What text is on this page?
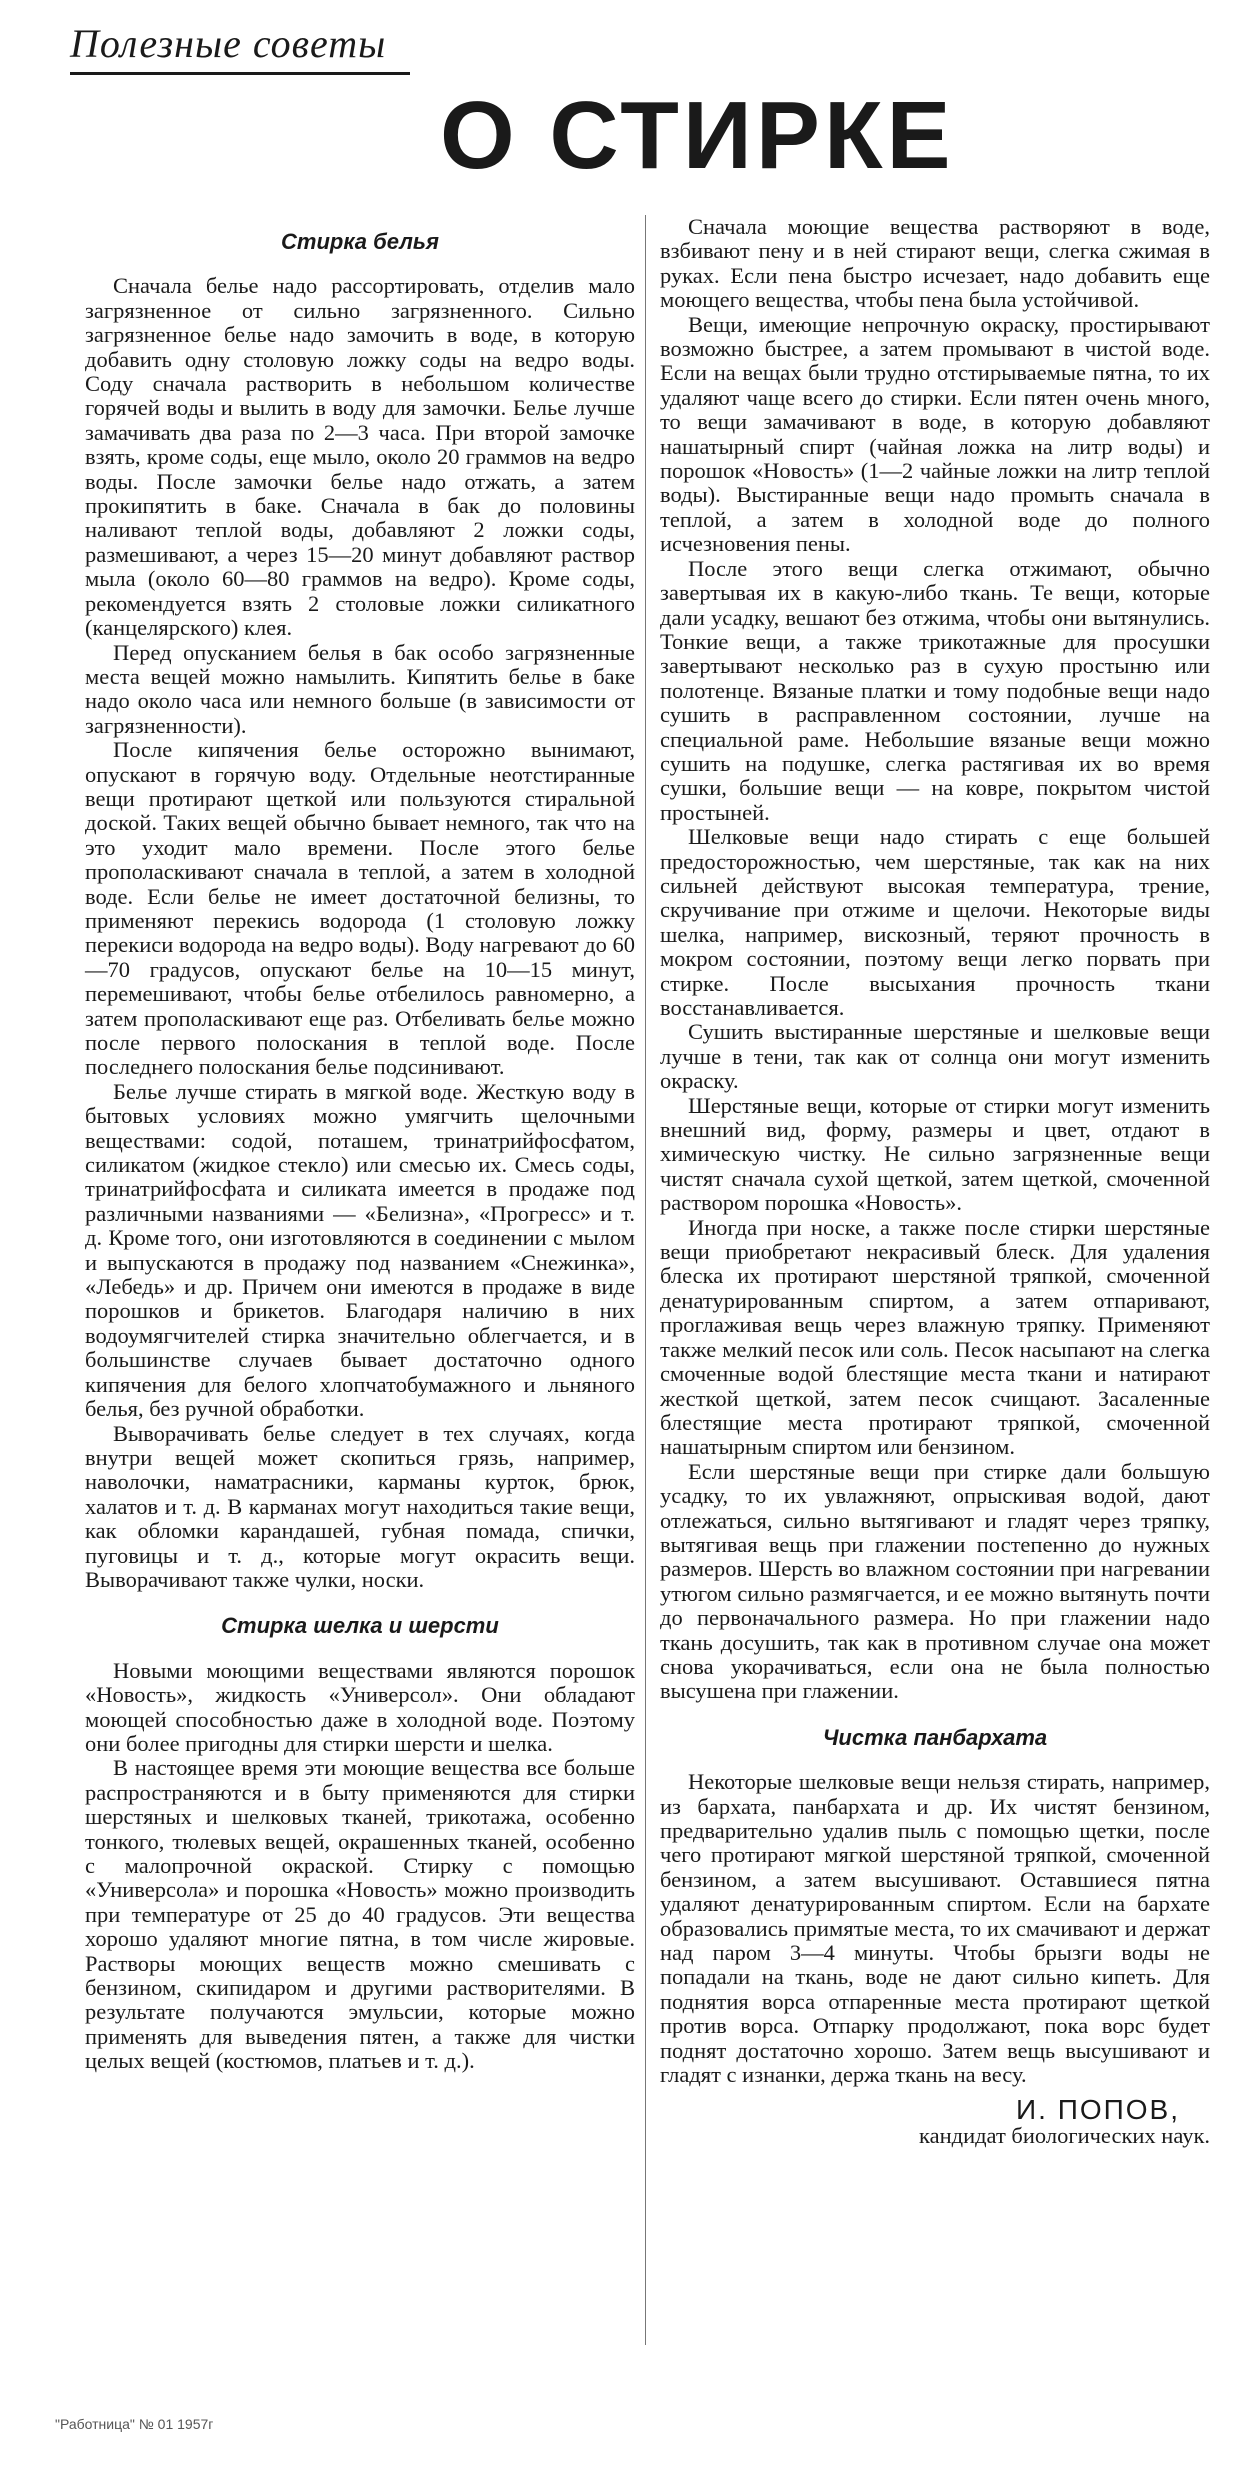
Полезные советы
О СТИРКЕ
Стирка белья

Сначала белье надо рассортировать, отделив мало загрязненное от сильно загрязненного. Сильно загрязненное белье надо замочить в воде, в которую добавить одну столовую ложку соды на ведро воды. Соду сначала растворить в небольшом количестве горячей воды и вылить в воду для замочки. Белье лучше замачивать два раза по 2—3 часа. При второй замочке взять, кроме соды, еще мыло, около 20 граммов на ведро воды. После замочки белье надо отжать, а затем прокипятить в баке. Сначала в бак до половины наливают теплой воды, добавляют 2 ложки соды, размешивают, а через 15—20 минут добавляют раствор мыла (около 60—80 граммов на ведро). Кроме соды, рекомендуется взять 2 столовые ложки силикатного (канцелярского) клея.

Перед опусканием белья в бак особо загрязненные места вещей можно намылить. Кипятить белье в баке надо около часа или немного больше (в зависимости от загрязненности).

После кипячения белье осторожно вынимают, опускают в горячую воду. Отдельные неотстиранные вещи протирают щеткой или пользуются стиральной доской. Таких вещей обычно бывает немного, так что на это уходит мало времени. После этого белье прополаскивают сначала в теплой, а затем в холодной воде. Если белье не имеет достаточной белизны, то применяют перекись водорода (1 столовую ложку перекиси водорода на ведро воды). Воду нагревают до 60—70 градусов, опускают белье на 10—15 минут, перемешивают, чтобы белье отбелилось равномерно, а затем прополаскивают еще раз. Отбеливать белье можно после первого полоскания в теплой воде. После последнего полоскания белье подсинивают.

Белье лучше стирать в мягкой воде. Жесткую воду в бытовых условиях можно умягчить щелочными веществами: содой, поташем, тринатрийфосфатом, силикатом (жидкое стекло) или смесью их. Смесь соды, тринатрийфосфата и силиката имеется в продаже под различными названиями — «Белизна», «Прогресс» и т. д. Кроме того, они изготовляются в соединении с мылом и выпускаются в продажу под названием «Снежинка», «Лебедь» и др. Причем они имеются в продаже в виде порошков и брикетов. Благодаря наличию в них водоумягчителей стирка значительно облегчается, и в большинстве случаев бывает достаточно одного кипячения для белого хлопчатобумажного и льняного белья, без ручной обработки.

Выворачивать белье следует в тех случаях, когда внутри вещей может скопиться грязь, например, наволочки, наматрасники, карманы курток, брюк, халатов и т. д. В карманах могут находиться такие вещи, как обломки карандашей, губная помада, спички, пуговицы и т. д., которые могут окрасить вещи. Выворачивают также чулки, носки.

Стирка шелка и шерсти

Новыми моющими веществами являются порошок «Новость», жидкость «Универсол». Они обладают моющей способностью даже в холодной воде. Поэтому они более пригодны для стирки шерсти и шелка.

В настоящее время эти моющие вещества все больше распространяются и в быту применяются для стирки шерстяных и шелковых тканей, трикотажа, особенно тонкого, тюлевых вещей, окрашенных тканей, особенно с малопрочной окраской. Стирку с помощью «Универсола» и порошка «Новость» можно производить при температуре от 25 до 40 градусов. Эти вещества хорошо удаляют многие пятна, в том числе жировые. Растворы моющих веществ можно смешивать с бензином, скипидаром и другими растворителями. В результате получаются эмульсии, которые можно применять для выведения пятен, а также для чистки целых вещей (костюмов, платьев и т. д.).

Сначала моющие вещества растворяют в воде, взбивают пену и в ней стирают вещи, слегка сжимая в руках. Если пена быстро исчезает, надо добавить еще моющего вещества, чтобы пена была устойчивой.

Вещи, имеющие непрочную окраску, простирывают возможно быстрее, а затем промывают в чистой воде. Если на вещах были трудно отстирываемые пятна, то их удаляют чаще всего до стирки. Если пятен очень много, то вещи замачивают в воде, в которую добавляют нашатырный спирт (чайная ложка на литр воды) и порошок «Новость» (1—2 чайные ложки на литр теплой воды). Выстиранные вещи надо промыть сначала в теплой, а затем в холодной воде до полного исчезновения пены.

После этого вещи слегка отжимают, обычно завертывая их в какую-либо ткань. Те вещи, которые дали усадку, вешают без отжима, чтобы они вытянулись. Тонкие вещи, а также трикотажные для просушки завертывают несколько раз в сухую простыню или полотенце. Вязаные платки и тому подобные вещи надо сушить в расправленном состоянии, лучше на специальной раме. Небольшие вязаные вещи можно сушить на подушке, слегка растягивая их во время сушки, большие вещи — на ковре, покрытом чистой простыней.

Шелковые вещи надо стирать с еще большей предосторожностью, чем шерстяные, так как на них сильней действуют высокая температура, трение, скручивание при отжиме и щелочи. Некоторые виды шелка, например, вискозный, теряют прочность в мокром состоянии, поэтому вещи легко порвать при стирке. После высыхания прочность ткани восстанавливается.

Сушить выстиранные шерстяные и шелковые вещи лучше в тени, так как от солнца они могут изменить окраску.

Шерстяные вещи, которые от стирки могут изменить внешний вид, форму, размеры и цвет, отдают в химическую чистку. Не сильно загрязненные вещи чистят сначала сухой щеткой, затем щеткой, смоченной раствором порошка «Новость».

Иногда при носке, а также после стирки шерстяные вещи приобретают некрасивый блеск. Для удаления блеска их протирают шерстяной тряпкой, смоченной денатурированным спиртом, а затем отпаривают, проглаживая вещь через влажную тряпку. Применяют также мелкий песок или соль. Песок насыпают на слегка смоченные водой блестящие места ткани и натирают жесткой щеткой, затем песок счищают. Засаленные блестящие места протирают тряпкой, смоченной нашатырным спиртом или бензином.

Если шерстяные вещи при стирке дали большую усадку, то их увлажняют, опрыскивая водой, дают отлежаться, сильно вытягивают и гладят через тряпку, вытягивая вещь при глажении постепенно до нужных размеров. Шерсть во влажном состоянии при нагревании утюгом сильно размягчается, и ее можно вытянуть почти до первоначального размера. Но при глажении надо ткань досушить, так как в противном случае она может снова укорачиваться, если она не была полностью высушена при глажении.

Чистка панбархата

Некоторые шелковые вещи нельзя стирать, например, из бархата, панбархата и др. Их чистят бензином, предварительно удалив пыль с помощью щетки, после чего протирают мягкой шерстяной тряпкой, смоченной бензином, а затем высушивают. Оставшиеся пятна удаляют денатурированным спиртом. Если на бархате образовались примятые места, то их смачивают и держат над паром 3—4 минуты. Чтобы брызги воды не попадали на ткань, воде не дают сильно кипеть. Для поднятия ворса отпаренные места протирают щеткой против ворса. Отпарку продолжают, пока ворс будет поднят достаточно хорошо. Затем вещь высушивают и гладят с изнанки, держа ткань на весу.

И. ПОПОВ,
кандидат биологических наук.
"Работница" № 01 1957г
